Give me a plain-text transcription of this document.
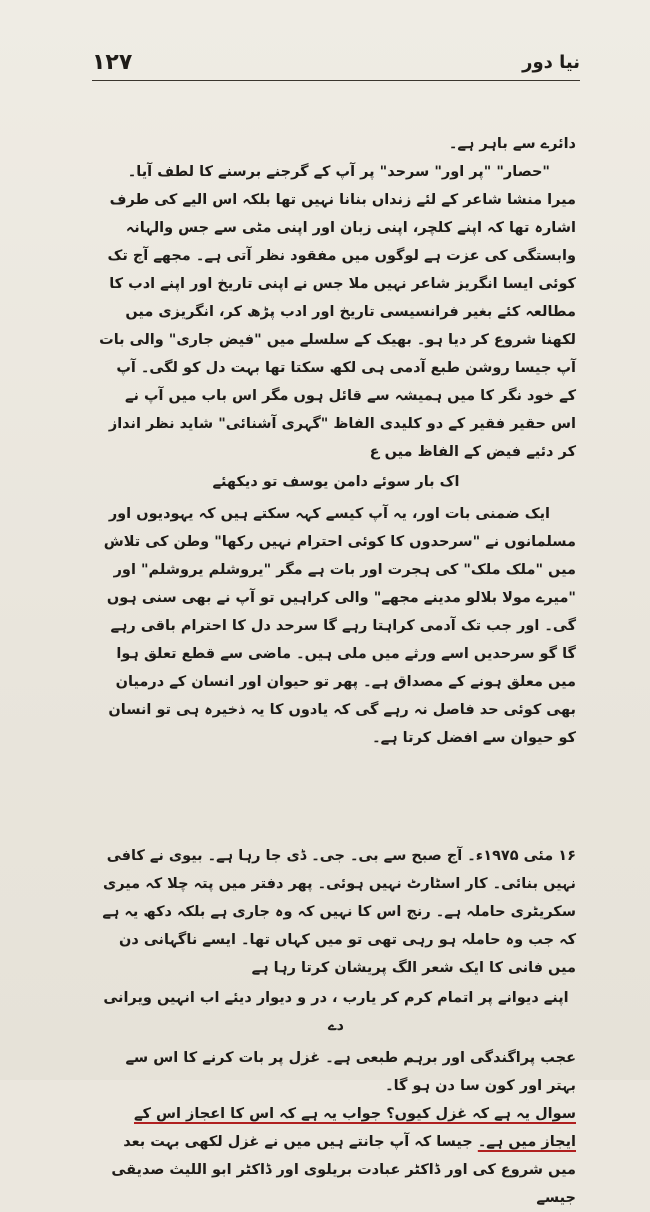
۱۲۷	نیا دور

دائرے سے باہر ہے۔

"حصار" "پر اور" سرحد" پر آپ کے گرجنے برسنے کا لطف آیا۔ میرا منشا شاعر کے لئے زنداں بنانا نہیں تھا بلکہ اس الیے کی طرف اشارہ تھا کہ اپنے کلچر، اپنی زبان اور اپنی مٹی سے جس والہانہ وابستگی کی عزت ہے لوگوں میں مفقود نظر آتی ہے۔ مجھے آج تک کوئی ایسا انگریز شاعر نہیں ملا جس نے اپنی تاریخ اور اپنے ادب کا مطالعہ کئے بغیر فرانسیسی تاریخ اور ادب پڑھ کر، انگریزی میں لکھنا شروع کر دیا ہو۔ بھیک کے سلسلے میں "فیض جاری" والی بات آپ جیسا روشن طبع آدمی ہی لکھ سکتا تھا بہت دل کو لگی۔ آپ کے خود نگر کا میں ہمیشہ سے قائل ہوں مگر اس باب میں آپ نے اس حقیر فقیر کے دو کلیدی الفاظ "گہری آشنائی" شاید نظر انداز کر دئیے فیض کے الفاظ میں ع

اک بار سوئے دامن یوسف تو دیکھئے

ایک ضمنی بات اور، یہ آپ کیسے کہہ سکتے ہیں کہ یہودیوں اور مسلمانوں نے "سرحدوں کا کوئی احترام نہیں رکھا" وطن کی تلاش میں "ملک ملک" کی ہجرت اور بات ہے مگر "یروشلم یروشلم" اور "میرے مولا بلالو مدینے مجھے" والی کراہیں تو آپ نے بھی سنی ہوں گی۔ اور جب تک آدمی کراہتا رہے گا سرحد دل کا احترام باقی رہے گا گو سرحدیں اسے ورثے میں ملی ہیں۔ ماضی سے قطع تعلق ہوا میں معلق ہونے کے مصداق ہے۔ پھر تو حیوان اور انسان کے درمیان بھی کوئی حد فاصل نہ رہے گی کہ یادوں کا یہ ذخیرہ ہی تو انسان کو حیوان سے افضل کرتا ہے۔

۱۶ مئی ۱۹۷۵ء۔ آج صبح سے بی۔ جی۔ ڈی جا رہا ہے۔ بیوی نے کافی نہیں بنائی۔ کار اسٹارٹ نہیں ہوئی۔ پھر دفتر میں پتہ چلا کہ میری سکریٹری حاملہ ہے۔ رنج اس کا نہیں کہ وہ جاری ہے بلکہ دکھ یہ ہے کہ جب وہ حاملہ ہو رہی تھی تو میں کہاں تھا۔ ایسے ناگہانی دن میں فانی کا ایک شعر الگ پریشان کرتا رہا ہے

اپنے دیوانے پر اتمام کرم کر یارب ، در و دیوار دیئے اب انہیں ویرانی دے

عجب پراگندگی اور برہم طبعی ہے۔ غزل پر بات کرنے کا اس سے بہتر اور کون سا دن ہو گا۔

سوال یہ ہے کہ غزل کیوں؟ جواب یہ ہے کہ اس کا اعجاز اس کے ایجاز میں ہے۔ جیسا کہ آپ جانتے ہیں میں نے غزل لکھی بہت بعد میں شروع کی اور ڈاکٹر عبادت بریلوی اور ڈاکٹر ابو اللیث صدیقی جیسے
